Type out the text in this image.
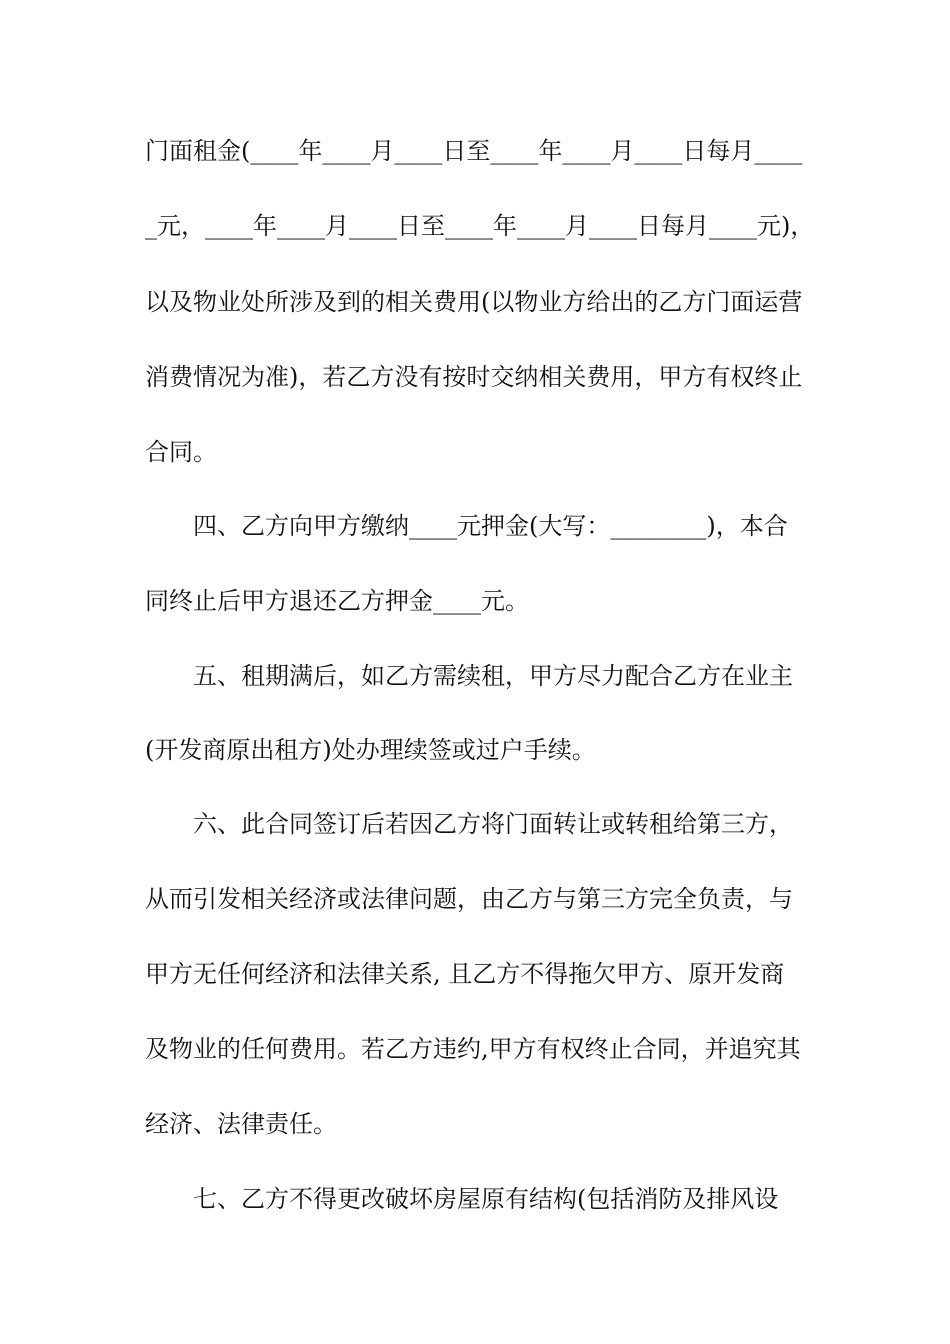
门面租金(____年____月____日至____年____月____日每月____
_元，____年____月____日至____年____月____日每月____元)，
以及物业处所涉及到的相关费用(以物业方给出的乙方门面运营
消费情况为准)，若乙方没有按时交纳相关费用，甲方有权终止
合同。
四、乙方向甲方缴纳____元押金(大写：________)，本合
同终止后甲方退还乙方押金____元。
五、租期满后，如乙方需续租，甲方尽力配合乙方在业主
(开发商原出租方)处办理续签或过户手续。
六、此合同签订后若因乙方将门面转让或转租给第三方，
从而引发相关经济或法律问题，由乙方与第三方完全负责，与
甲方无任何经济和法律关系, 且乙方不得拖欠甲方、原开发商
及物业的任何费用。若乙方违约,甲方有权终止合同，并追究其
经济、法律责任。
七、乙方不得更改破坏房屋原有结构(包括消防及排风设
